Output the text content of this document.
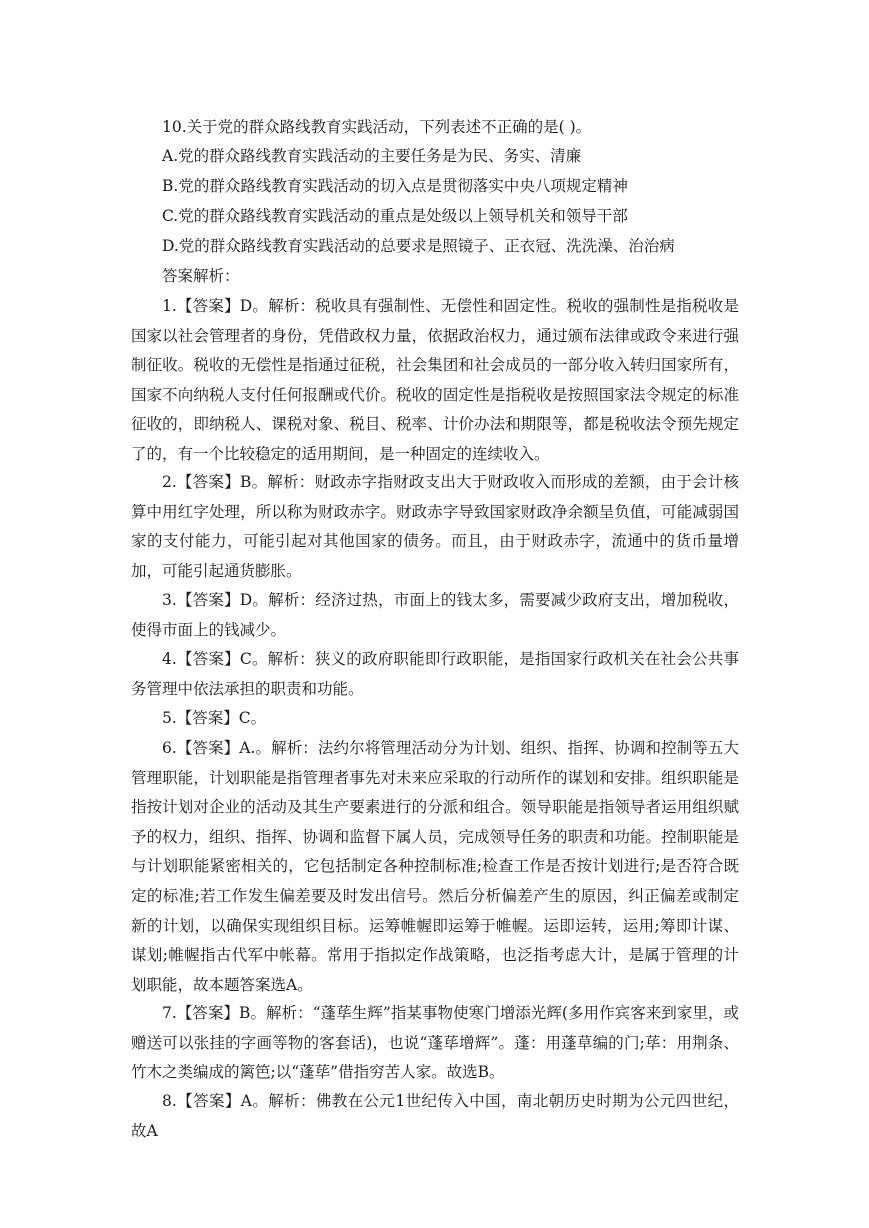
10.关于党的群众路线教育实践活动，下列表述不正确的是( )。
A.党的群众路线教育实践活动的主要任务是为民、务实、清廉
B.党的群众路线教育实践活动的切入点是贯彻落实中央八项规定精神
C.党的群众路线教育实践活动的重点是处级以上领导机关和领导干部
D.党的群众路线教育实践活动的总要求是照镜子、正衣冠、洗洗澡、治治病
答案解析：

1.【答案】D。解析：税收具有强制性、无偿性和固定性。税收的强制性是指税收是国家以社会管理者的身份，凭借政权力量，依据政治权力，通过颁布法律或政令来进行强制征收。税收的无偿性是指通过征税，社会集团和社会成员的一部分收入转归国家所有，国家不向纳税人支付任何报酬或代价。税收的固定性是指税收是按照国家法令规定的标准征收的，即纳税人、课税对象、税目、税率、计价办法和期限等，都是税收法令预先规定了的，有一个比较稳定的适用期间，是一种固定的连续收入。

2.【答案】B。解析：财政赤字指财政支出大于财政收入而形成的差额，由于会计核算中用红字处理，所以称为财政赤字。财政赤字导致国家财政净余额呈负值，可能减弱国家的支付能力，可能引起对其他国家的债务。而且，由于财政赤字，流通中的货币量增加，可能引起通货膨胀。

3.【答案】D。解析：经济过热，市面上的钱太多，需要减少政府支出，增加税收，使得市面上的钱减少。

4.【答案】C。解析：狭义的政府职能即行政职能，是指国家行政机关在社会公共事务管理中依法承担的职责和功能。

5.【答案】C。

6.【答案】A.。解析：法约尔将管理活动分为计划、组织、指挥、协调和控制等五大管理职能，计划职能是指管理者事先对未来应采取的行动所作的谋划和安排。组织职能是指按计划对企业的活动及其生产要素进行的分派和组合。领导职能是指领导者运用组织赋予的权力，组织、指挥、协调和监督下属人员，完成领导任务的职责和功能。控制职能是与计划职能紧密相关的，它包括制定各种控制标准;检查工作是否按计划进行;是否符合既定的标准;若工作发生偏差要及时发出信号。然后分析偏差产生的原因，纠正偏差或制定新的计划，以确保实现组织目标。运筹帷幄即运筹于帷幄。运即运转，运用;筹即计谋、谋划;帷幄指古代军中帐幕。常用于指拟定作战策略，也泛指考虑大计，是属于管理的计划职能，故本题答案选A。

7.【答案】B。解析：“蓬荜生辉”指某事物使寒门增添光辉(多用作宾客来到家里，或赠送可以张挂的字画等物的客套话)，也说“蓬荜增辉”。蓬：用蓬草编的门;荜：用荆条、竹木之类编成的篱笆;以“蓬荜”借指穷苦人家。故选B。

8.【答案】A。解析：佛教在公元1世纪传入中国，南北朝历史时期为公元四世纪，故A
